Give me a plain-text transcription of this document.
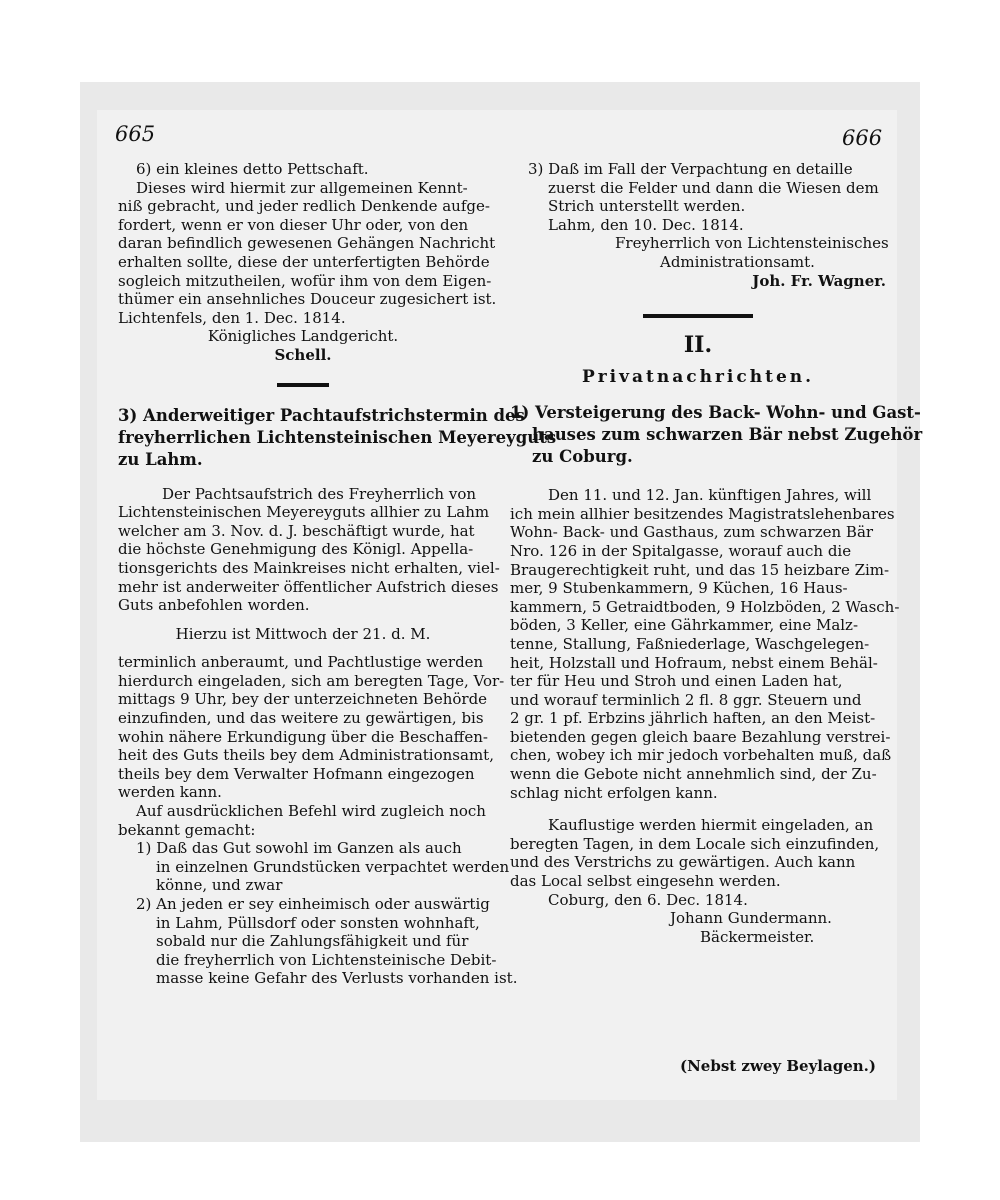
665	666
6) ein kleines detto Pettschaft.
Dieses wird hiermit zur allgemeinen Kennt-
niß gebracht, und jeder redlich Denkende aufge-
fordert, wenn er von dieser Uhr oder, von den
daran befindlich gewesenen Gehängen Nachricht
erhalten sollte, diese der unterfertigten Behörde
sogleich mitzutheilen, wofür ihm von dem Eigen-
thümer ein ansehnliches Douceur zugesichert ist.
Lichtenfels, den 1. Dec. 1814.
Königliches Landgericht.
Schell.
3) Anderweitiger Pachtaufstrichstermin des
freyherrlichen Lichtensteinischen Meyereyguts
zu Lahm.
Der Pachtsaufstrich des Freyherrlich von
Lichtensteinischen Meyereyguts allhier zu Lahm
welcher am 3. Nov. d. J. beschäftigt wurde, hat
die höchste Genehmigung des Königl. Appella-
tionsgerichts des Mainkreises nicht erhalten, viel-
mehr ist anderweiter öffentlicher Aufstrich dieses
Guts anbefohlen worden.
Hierzu ist Mittwoch der 21. d. M.
terminlich anberaumt, und Pachtlustige werden
hierdurch eingeladen, sich am beregten Tage, Vor-
mittags 9 Uhr, bey der unterzeichneten Behörde
einzufinden, und das weitere zu gewärtigen, bis
wohin nähere Erkundigung über die Beschaffen-
heit des Guts theils bey dem Administrationsamt,
theils bey dem Verwalter Hofmann eingezogen
werden kann.
Auf ausdrücklichen Befehl wird zugleich noch
bekannt gemacht:
1) Daß das Gut sowohl im Ganzen als auch
in einzelnen Grundstücken verpachtet werden
könne, und zwar
2) An jeden er sey einheimisch oder auswärtig
in Lahm, Püllsdorf oder sonsten wohnhaft,
sobald nur die Zahlungsfähigkeit und für
die freyherrlich von Lichtensteinische Debit-
masse keine Gefahr des Verlusts vorhanden ist.
3) Daß im Fall der Verpachtung en detaille
zuerst die Felder und dann die Wiesen dem
Strich unterstellt werden.
Lahm, den 10. Dec. 1814.
Freyherrlich von Lichtensteinisches
Administrationsamt.
Joh. Fr. Wagner.
II.
Privatnachrichten.
1) Versteigerung des Back- Wohn- und Gast-
hauses zum schwarzen Bär nebst Zugehör
zu Coburg.
Den 11. und 12. Jan. künftigen Jahres, will
ich mein allhier besitzendes Magistratslehenbares
Wohn- Back- und Gasthaus, zum schwarzen Bär
Nro. 126 in der Spitalgasse, worauf auch die
Braugerechtigkeit ruht, und das 15 heizbare Zim-
mer, 9 Stubenkammern, 9 Küchen, 16 Haus-
kammern, 5 Getraidtboden, 9 Holzböden, 2 Wasch-
böden, 3 Keller, eine Gährkammer, eine Malz-
tenne, Stallung, Faßniederlage, Waschgelegen-
heit, Holzstall und Hofraum, nebst einem Behäl-
ter für Heu und Stroh und einen Laden hat,
und worauf terminlich 2 fl. 8 ggr. Steuern und
2 gr. 1 pf. Erbzins jährlich haften, an den Meist-
bietenden gegen gleich baare Bezahlung verstrei-
chen, wobey ich mir jedoch vorbehalten muß, daß
wenn die Gebote nicht annehmlich sind, der Zu-
schlag nicht erfolgen kann.
Kauflustige werden hiermit eingeladen, an
beregten Tagen, in dem Locale sich einzufinden,
und des Verstrichs zu gewärtigen. Auch kann
das Local selbst eingesehn werden.
Coburg, den 6. Dec. 1814.
Johann Gundermann.
Bäckermeister.
(Nebst zwey Beylagen.)
